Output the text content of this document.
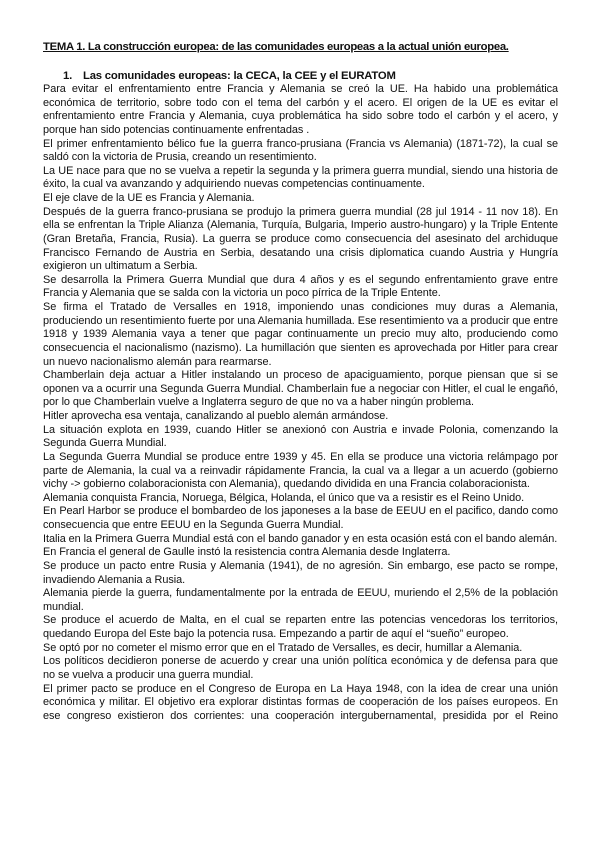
TEMA 1. La construcción europea: de las comunidades europeas a la actual unión europea.
1. Las comunidades europeas: la CECA, la CEE y el EURATOM

Para evitar el enfrentamiento entre Francia y Alemania se creó la UE. Ha habido una problemática económica de territorio, sobre todo con el tema del carbón y el acero. El origen de la UE es evitar el enfrentamiento entre Francia y Alemania, cuya problemática ha sido sobre todo el carbón y el acero, y porque han sido potencias continuamente enfrentadas .

El primer enfrentamiento bélico fue la guerra franco-prusiana (Francia vs Alemania) (1871-72), la cual se saldó con la victoria de Prusia, creando un resentimiento.

La UE nace para que no se vuelva a repetir la segunda y la primera guerra mundial, siendo una historia de éxito, la cual va avanzando y adquiriendo nuevas competencias continuamente.

El eje clave de la UE es Francia y Alemania.

Después de la guerra franco-prusiana se produjo la primera guerra mundial (28 jul 1914 - 11 nov 18). En ella se enfrentan la Triple Alianza (Alemania, Turquía, Bulgaria, Imperio austro-hungaro) y la Triple Entente (Gran Bretaña, Francia, Rusia). La guerra se produce como consecuencia del asesinato del archiduque Francisco Fernando de Austria en Serbia, desatando una crisis diplomatica cuando Austria y Hungría exigieron un ultimatum a Serbia.

Se desarrolla la Primera Guerra Mundial que dura 4 años y es el segundo enfrentamiento grave entre Francia y Alemania que se salda con la victoria un poco pírrica de la Triple Entente.

Se firma el Tratado de Versalles en 1918, imponiendo unas condiciones muy duras a Alemania, produciendo un resentimiento fuerte por una Alemania humillada. Ese resentimiento va a producir que entre 1918 y 1939 Alemania vaya a tener que pagar continuamente un precio muy alto, produciendo como consecuencia el nacionalismo (nazismo). La humillación que sienten es aprovechada por Hitler para crear un nuevo nacionalismo alemán para rearmarse.

Chamberlain deja actuar a Hitler instalando un proceso de apaciguamiento, porque piensan que si se oponen va a ocurrir una Segunda Guerra Mundial. Chamberlain fue a negociar con Hitler, el cual le engañó, por lo que Chamberlain vuelve a Inglaterra seguro de que no va a haber ningún problema.

Hitler aprovecha esa ventaja, canalizando al pueblo alemán armándose.

La situación explota en 1939, cuando Hitler se anexionó con Austria e invade Polonia, comenzando la Segunda Guerra Mundial.

La Segunda Guerra Mundial se produce entre 1939 y 45. En ella se produce una victoria relámpago por parte de Alemania, la cual va a reinvadir rápidamente Francia, la cual va a llegar a un acuerdo (gobierno vichy -> gobierno colaboracionista con Alemania), quedando dividida en una Francia colaboracionista.

Alemania conquista Francia, Noruega, Bélgica, Holanda, el único que va a resistir es el Reino Unido.

En Pearl Harbor se produce el bombardeo de los japoneses a la base de EEUU en el pacifico, dando como consecuencia que entre EEUU en la Segunda Guerra Mundial.

Italia en la Primera Guerra Mundial está con el bando ganador y en esta ocasión está con el bando alemán.

En Francia el general de Gaulle instó la resistencia contra Alemania desde Inglaterra.

Se produce un pacto entre Rusia y Alemania (1941), de no agresión. Sin embargo, ese pacto se rompe, invadiendo Alemania a Rusia.

Alemania pierde la guerra, fundamentalmente por la entrada de EEUU, muriendo el 2,5% de la población mundial.

Se produce el acuerdo de Malta, en el cual se reparten entre las potencias vencedoras los territorios, quedando Europa del Este bajo la potencia rusa. Empezando a partir de aquí el “sueño” europeo.

Se optó por no cometer el mismo error que en el Tratado de Versalles, es decir, humillar a Alemania.

Los políticos decidieron ponerse de acuerdo y crear una unión política económica y de defensa para que no se vuelva a producir una guerra mundial.

El primer pacto se produce en el Congreso de Europa en La Haya 1948, con la idea de crear una unión económica y militar. El objetivo era explorar distintas formas de cooperación de los países europeos. En ese congreso existieron dos corrientes: una cooperación intergubernamental, presidida por el Reino
